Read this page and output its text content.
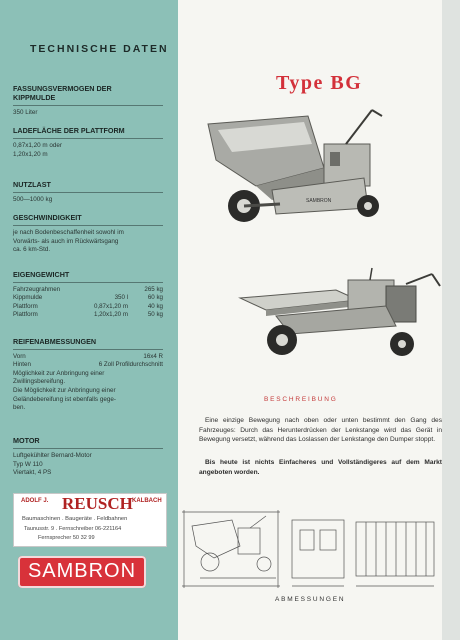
TECHNISCHE DATEN
FASSUNGSVERMOGEN DER
KIPPMULDE
350 Liter
LADEFLÄCHE DER PLATTFORM
0,87x1,20 m oder
1,20x1,20 m
NUTZLAST
500—1000 kg
GESCHWINDIGKEIT
je nach Bodenbeschaffenheit sowohl im
Vorwärts- als auch im Rückwärtsgang
ca. 6 km-Std.
EIGENGEWICHT
Fahrzeugrahmen	265 kg
Kippmulde	350 l	60 kg
Plattform	0,87x1,20 m	40 kg
Plattform	1,20x1,20 m	50 kg
REIFENABMESSUNGEN
Vorn	16x4 R
Hinten	6 Zoll Profildurchschnitt
Möglichkeit zur Anbringung einer
Zwillingsbereifung.
Die Möglichkeit zur Anbringung einer
Geländebereifung ist ebenfalls gege-
ben.
MOTOR
Luftgekühlter Bernard-Motor
Typ W 110
Viertakt, 4 PS
ADOLF J. REUSCH KALBACH
Baumaschinen . Baugeräte . Feldbahnen
Taunusstr. 9 . Fernschreiber 06-221164
Fernsprecher 50 32 99
SAMBRON
Type BG
SAMBRON
BESCHREIBUNG
Eine einzige Bewegung nach oben oder unten bestimmt den Gang des Fahrzeuges: Durch das Herunterdrücken der Lenkstange wird das Gerät in Bewegung versetzt, während das Loslassen der Lenkstange den Dumper stoppt.
Bis heute ist nichts Einfacheres und Vollständigeres auf dem Markt angeboten worden.
ABMESSUNGEN
